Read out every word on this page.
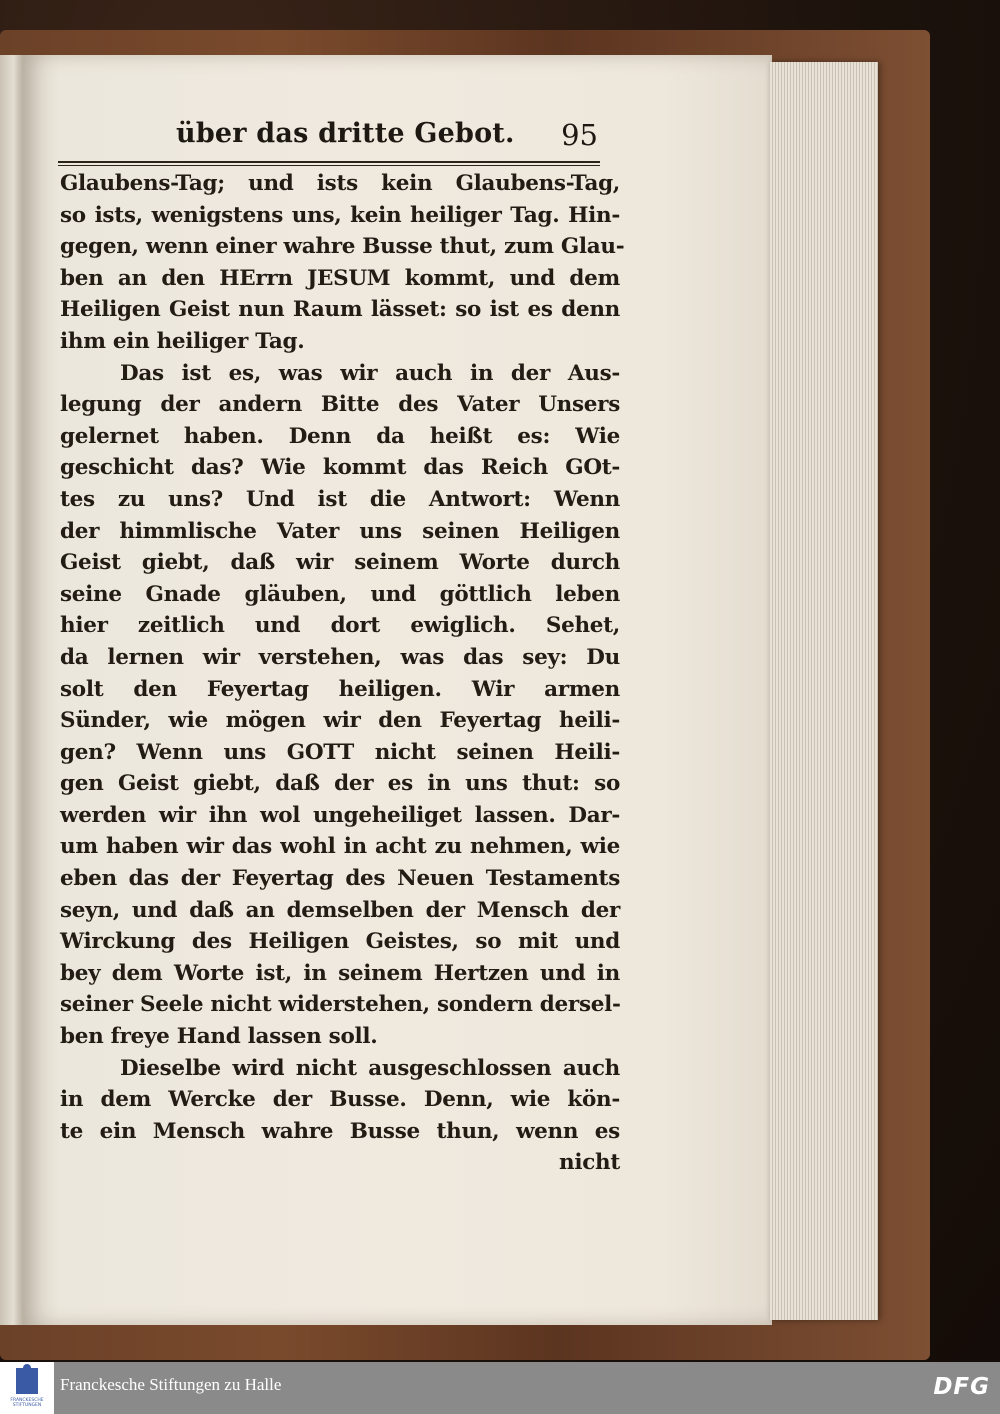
über das dritte Gebot. 95
Glaubens-Tag; und ists kein Glaubens-Tag,
so ists, wenigstens uns, kein heiliger Tag. Hin-
gegen, wenn einer wahre Busse thut, zum Glau-
ben an den HErrn JESUM kommt, und dem
Heiligen Geist nun Raum lässet: so ist es denn
ihm ein heiliger Tag.
Das ist es, was wir auch in der Aus-
legung der andern Bitte des Vater Unsers
gelernet haben. Denn da heißt es: Wie
geschicht das? Wie kommt das Reich GOt-
tes zu uns? Und ist die Antwort: Wenn
der himmlische Vater uns seinen Heiligen
Geist giebt, daß wir seinem Worte durch
seine Gnade gläuben, und göttlich leben
hier zeitlich und dort ewiglich. Sehet,
da lernen wir verstehen, was das sey: Du
solt den Feyertag heiligen. Wir armen
Sünder, wie mögen wir den Feyertag heili-
gen? Wenn uns GOTT nicht seinen Heili-
gen Geist giebt, daß der es in uns thut: so
werden wir ihn wol ungeheiliget lassen. Dar-
um haben wir das wohl in acht zu nehmen, wie
eben das der Feyertag des Neuen Testaments
seyn, und daß an demselben der Mensch der
Wirckung des Heiligen Geistes, so mit und
bey dem Worte ist, in seinem Hertzen und in
seiner Seele nicht widerstehen, sondern dersel-
ben freye Hand lassen soll.
Dieselbe wird nicht ausgeschlossen auch
in dem Wercke der Busse. Denn, wie kön-
te ein Mensch wahre Busse thun, wenn es
nicht
FRANCKESCHE STIFTUNGEN
Franckesche Stiftungen zu Halle	DFG
